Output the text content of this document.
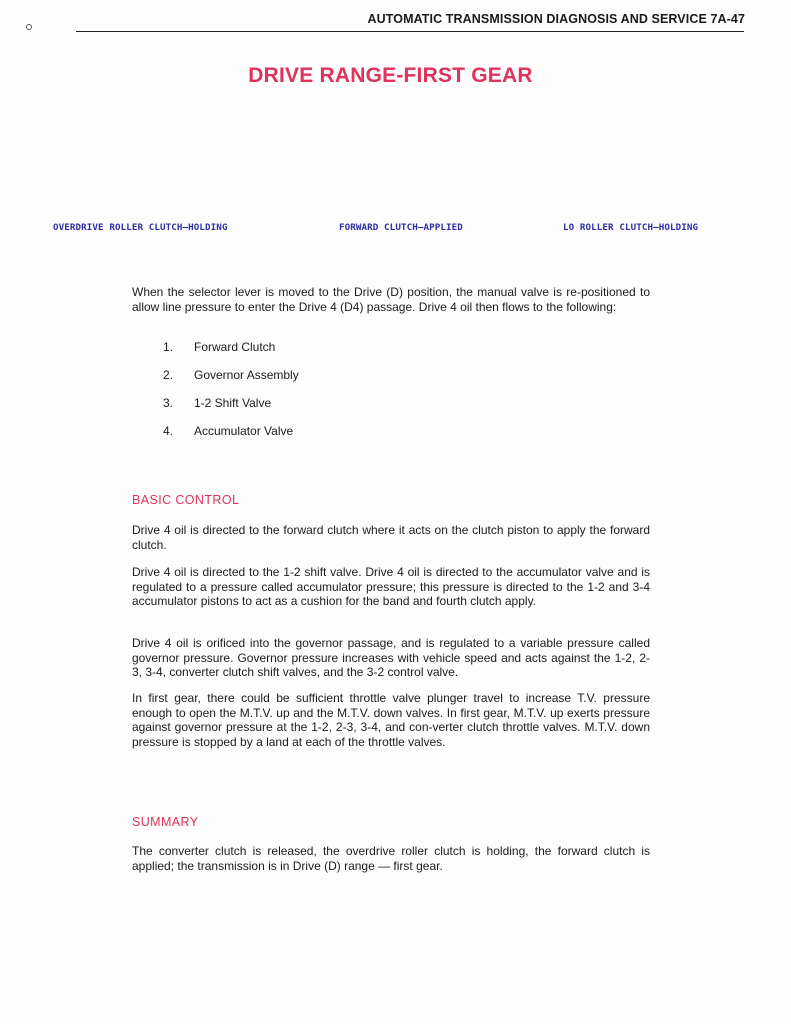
AUTOMATIC TRANSMISSION DIAGNOSIS AND SERVICE 7A-47
DRIVE RANGE-FIRST GEAR
OVERDRIVE ROLLER CLUTCH—HOLDING	FORWARD CLUTCH—APPLIED	LO ROLLER CLUTCH—HOLDING

When the selector lever is moved to the Drive (D) position, the manual valve is re-positioned to allow line pressure to enter the Drive 4 (D4) passage. Drive 4 oil then flows to the following:

1.	Forward Clutch
2.	Governor Assembly
3.	1-2 Shift Valve
4.	Accumulator Valve
BASIC CONTROL

Drive 4 oil is directed to the forward clutch where it acts on the clutch piston to apply the forward clutch.

Drive 4 oil is directed to the 1-2 shift valve. Drive 4 oil is directed to the accumulator valve and is regulated to a pressure called accumulator pressure; this pressure is directed to the 1-2 and 3-4 accumulator pistons to act as a cushion for the band and fourth clutch apply.

Drive 4 oil is orificed into the governor passage, and is regulated to a variable pressure called governor pressure. Governor pressure increases with vehicle speed and acts against the 1-2, 2-3, 3-4, converter clutch shift valves, and the 3-2 control valve.

In first gear, there could be sufficient throttle valve plunger travel to increase T.V. pressure enough to open the M.T.V. up and the M.T.V. down valves. In first gear, M.T.V. up exerts pressure against governor pressure at the 1-2, 2-3, 3-4, and con-verter clutch throttle valves. M.T.V. down pressure is stopped by a land at each of the throttle valves.

SUMMARY

The converter clutch is released, the overdrive roller clutch is holding, the forward clutch is applied; the transmission is in Drive (D) range — first gear.
